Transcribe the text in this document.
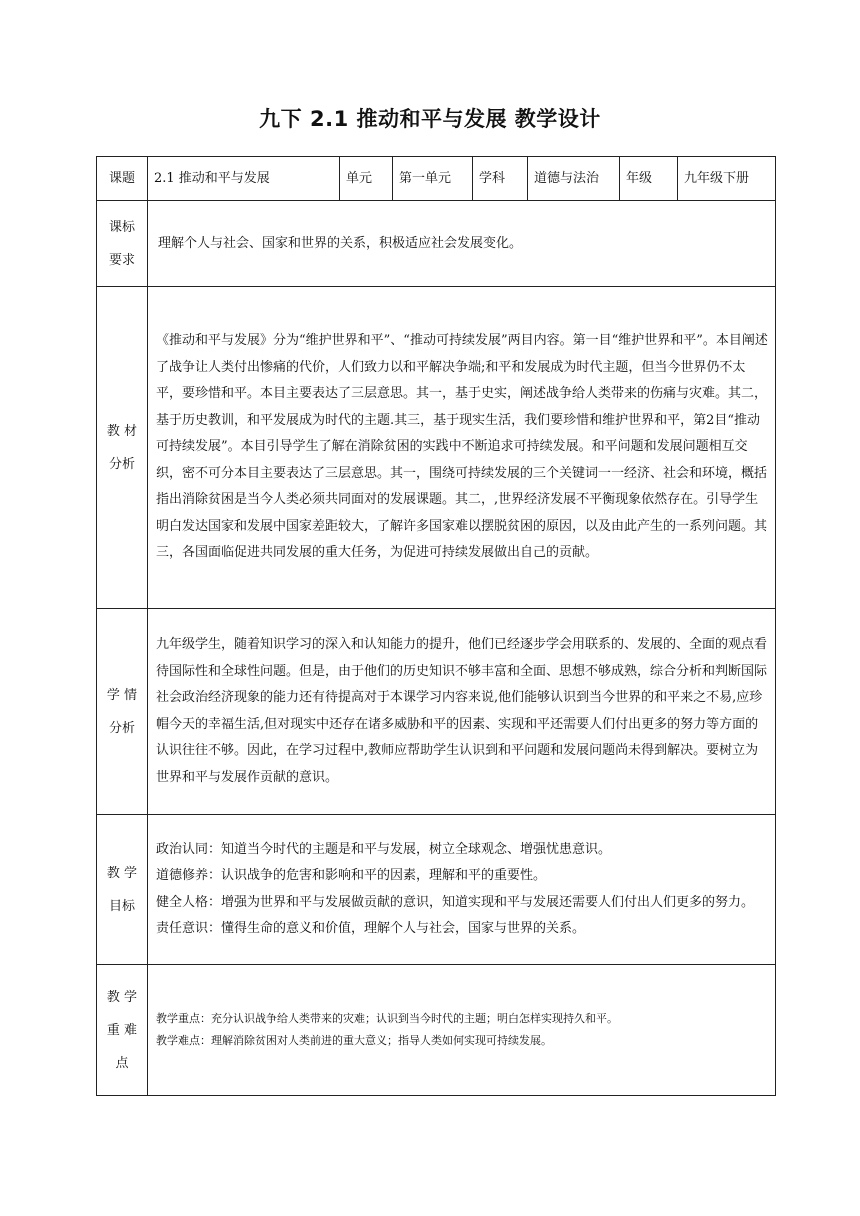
九下 2.1 推动和平与发展 教学设计
课题	2.1 推动和平与发展	单元	第一单元	学科	道德与法治	年级	九年级下册

课标
要求	理解个人与社会、国家和世界的关系，积极适应社会发展变化。						

教 材
分析	《推动和平与发展》分为“维护世界和平”、“推动可持续发展”两目内容。第一目“维护世界和平”。本目阐述了战争让人类付出惨痛的代价，人们致力以和平解决争端;和平和发展成为时代主题，但当今世界仍不太平，要珍惜和平。本目主要表达了三层意思。其一，基于史实，阐述战争给人类带来的伤痛与灾难。其二，基于历史教训，和平发展成为时代的主题.其三，基于现实生活，我们要珍惜和维护世界和平，第2目“推动可持续发展”。本目引导学生了解在消除贫困的实践中不断追求可持续发展。和平问题和发展问题相互交织，密不可分本目主要表达了三层意思。其一，围绕可持续发展的三个关键词一一经济、社会和环境，概括指出消除贫困是当今人类必须共同面对的发展课题。其二，,世界经济发展不平衡现象依然存在。引导学生明白发达国家和发展中国家差距较大，了解许多国家难以摆脱贫困的原因，以及由此产生的一系列问题。其三，各国面临促进共同发展的重大任务，为促进可持续发展做出自己的贡献。						

学 情
分析	九年级学生，随着知识学习的深入和认知能力的提升，他们已经逐步学会用联系的、发展的、全面的观点看待国际性和全球性问题。但是，由于他们的历史知识不够丰富和全面、思想不够成熟，综合分析和判断国际社会政治经济现象的能力还有待提高对于本课学习内容来说,他们能够认识到当今世界的和平来之不易,应珍帽今天的幸福生活,但对现实中还存在诸多威胁和平的因素、实现和平还需要人们付出更多的努力等方面的认识往往不够。因此，在学习过程中,教师应帮助学生认识到和平问题和发展问题尚未得到解决。要树立为世界和平与发展作贡献的意识。						

教 学
目标	政治认同：知道当今时代的主题是和平与发展，树立全球观念、增强忧患意识。
道德修养：认识战争的危害和影响和平的因素，理解和平的重要性。
健全人格：增强为世界和平与发展做贡献的意识，知道实现和平与发展还需要人们付出人们更多的努力。
责任意识：懂得生命的意义和价值，理解个人与社会，国家与世界的关系。						

教 学
重 难
点	教学重点：充分认识战争给人类带来的灾难；认识到当今时代的主题；明白怎样实现持久和平。
教学难点：理解消除贫困对人类前进的重大意义；指导人类如何实现可持续发展。						
